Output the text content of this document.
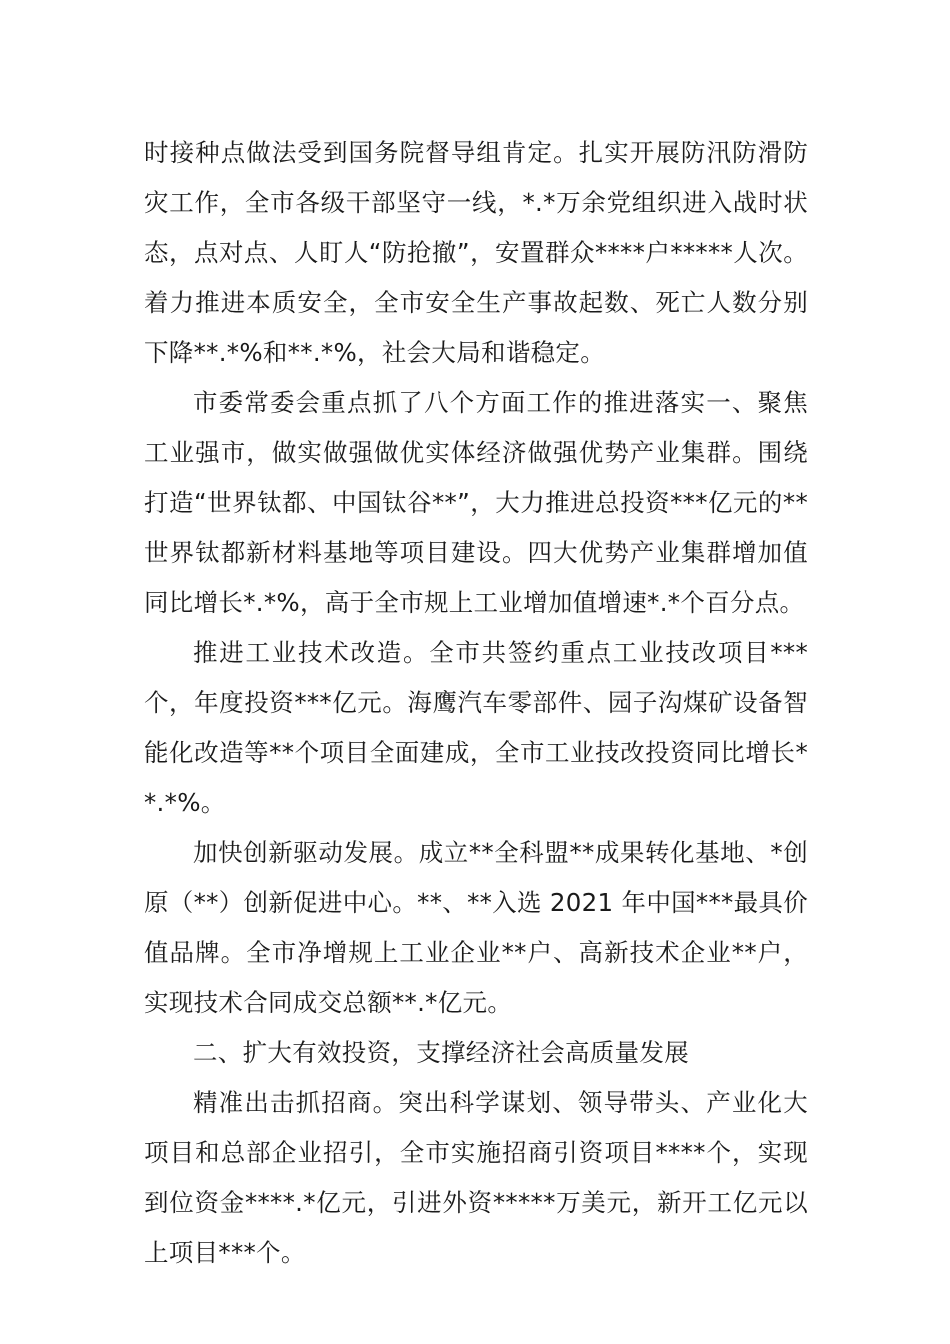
时接种点做法受到国务院督导组肯定。扎实开展防汛防滑防灾工作，全市各级干部坚守一线，*.*万余党组织进入战时状态，点对点、人盯人“防抢撤”，安置群众****户*****人次。着力推进本质安全，全市安全生产事故起数、死亡人数分别下降**.*%和**.*%，社会大局和谐稳定。

市委常委会重点抓了八个方面工作的推进落实一、聚焦工业强市，做实做强做优实体经济做强优势产业集群。围绕打造“世界钛都、中国钛谷**”，大力推进总投资***亿元的**世界钛都新材料基地等项目建设。四大优势产业集群增加值同比增长*.*%，高于全市规上工业增加值增速*.*个百分点。

推进工业技术改造。全市共签约重点工业技改项目***个，年度投资***亿元。海鹰汽车零部件、园子沟煤矿设备智能化改造等**个项目全面建成，全市工业技改投资同比增长**.*%。

加快创新驱动发展。成立**全科盟**成果转化基地、*创原（**）创新促进中心。**、**入选 2021 年中国***最具价值品牌。全市净增规上工业企业**户、高新技术企业**户，实现技术合同成交总额**.*亿元。

二、扩大有效投资，支撑经济社会高质量发展

精准出击抓招商。突出科学谋划、领导带头、产业化大项目和总部企业招引，全市实施招商引资项目****个，实现到位资金****.*亿元，引进外资*****万美元，新开工亿元以上项目***个。
